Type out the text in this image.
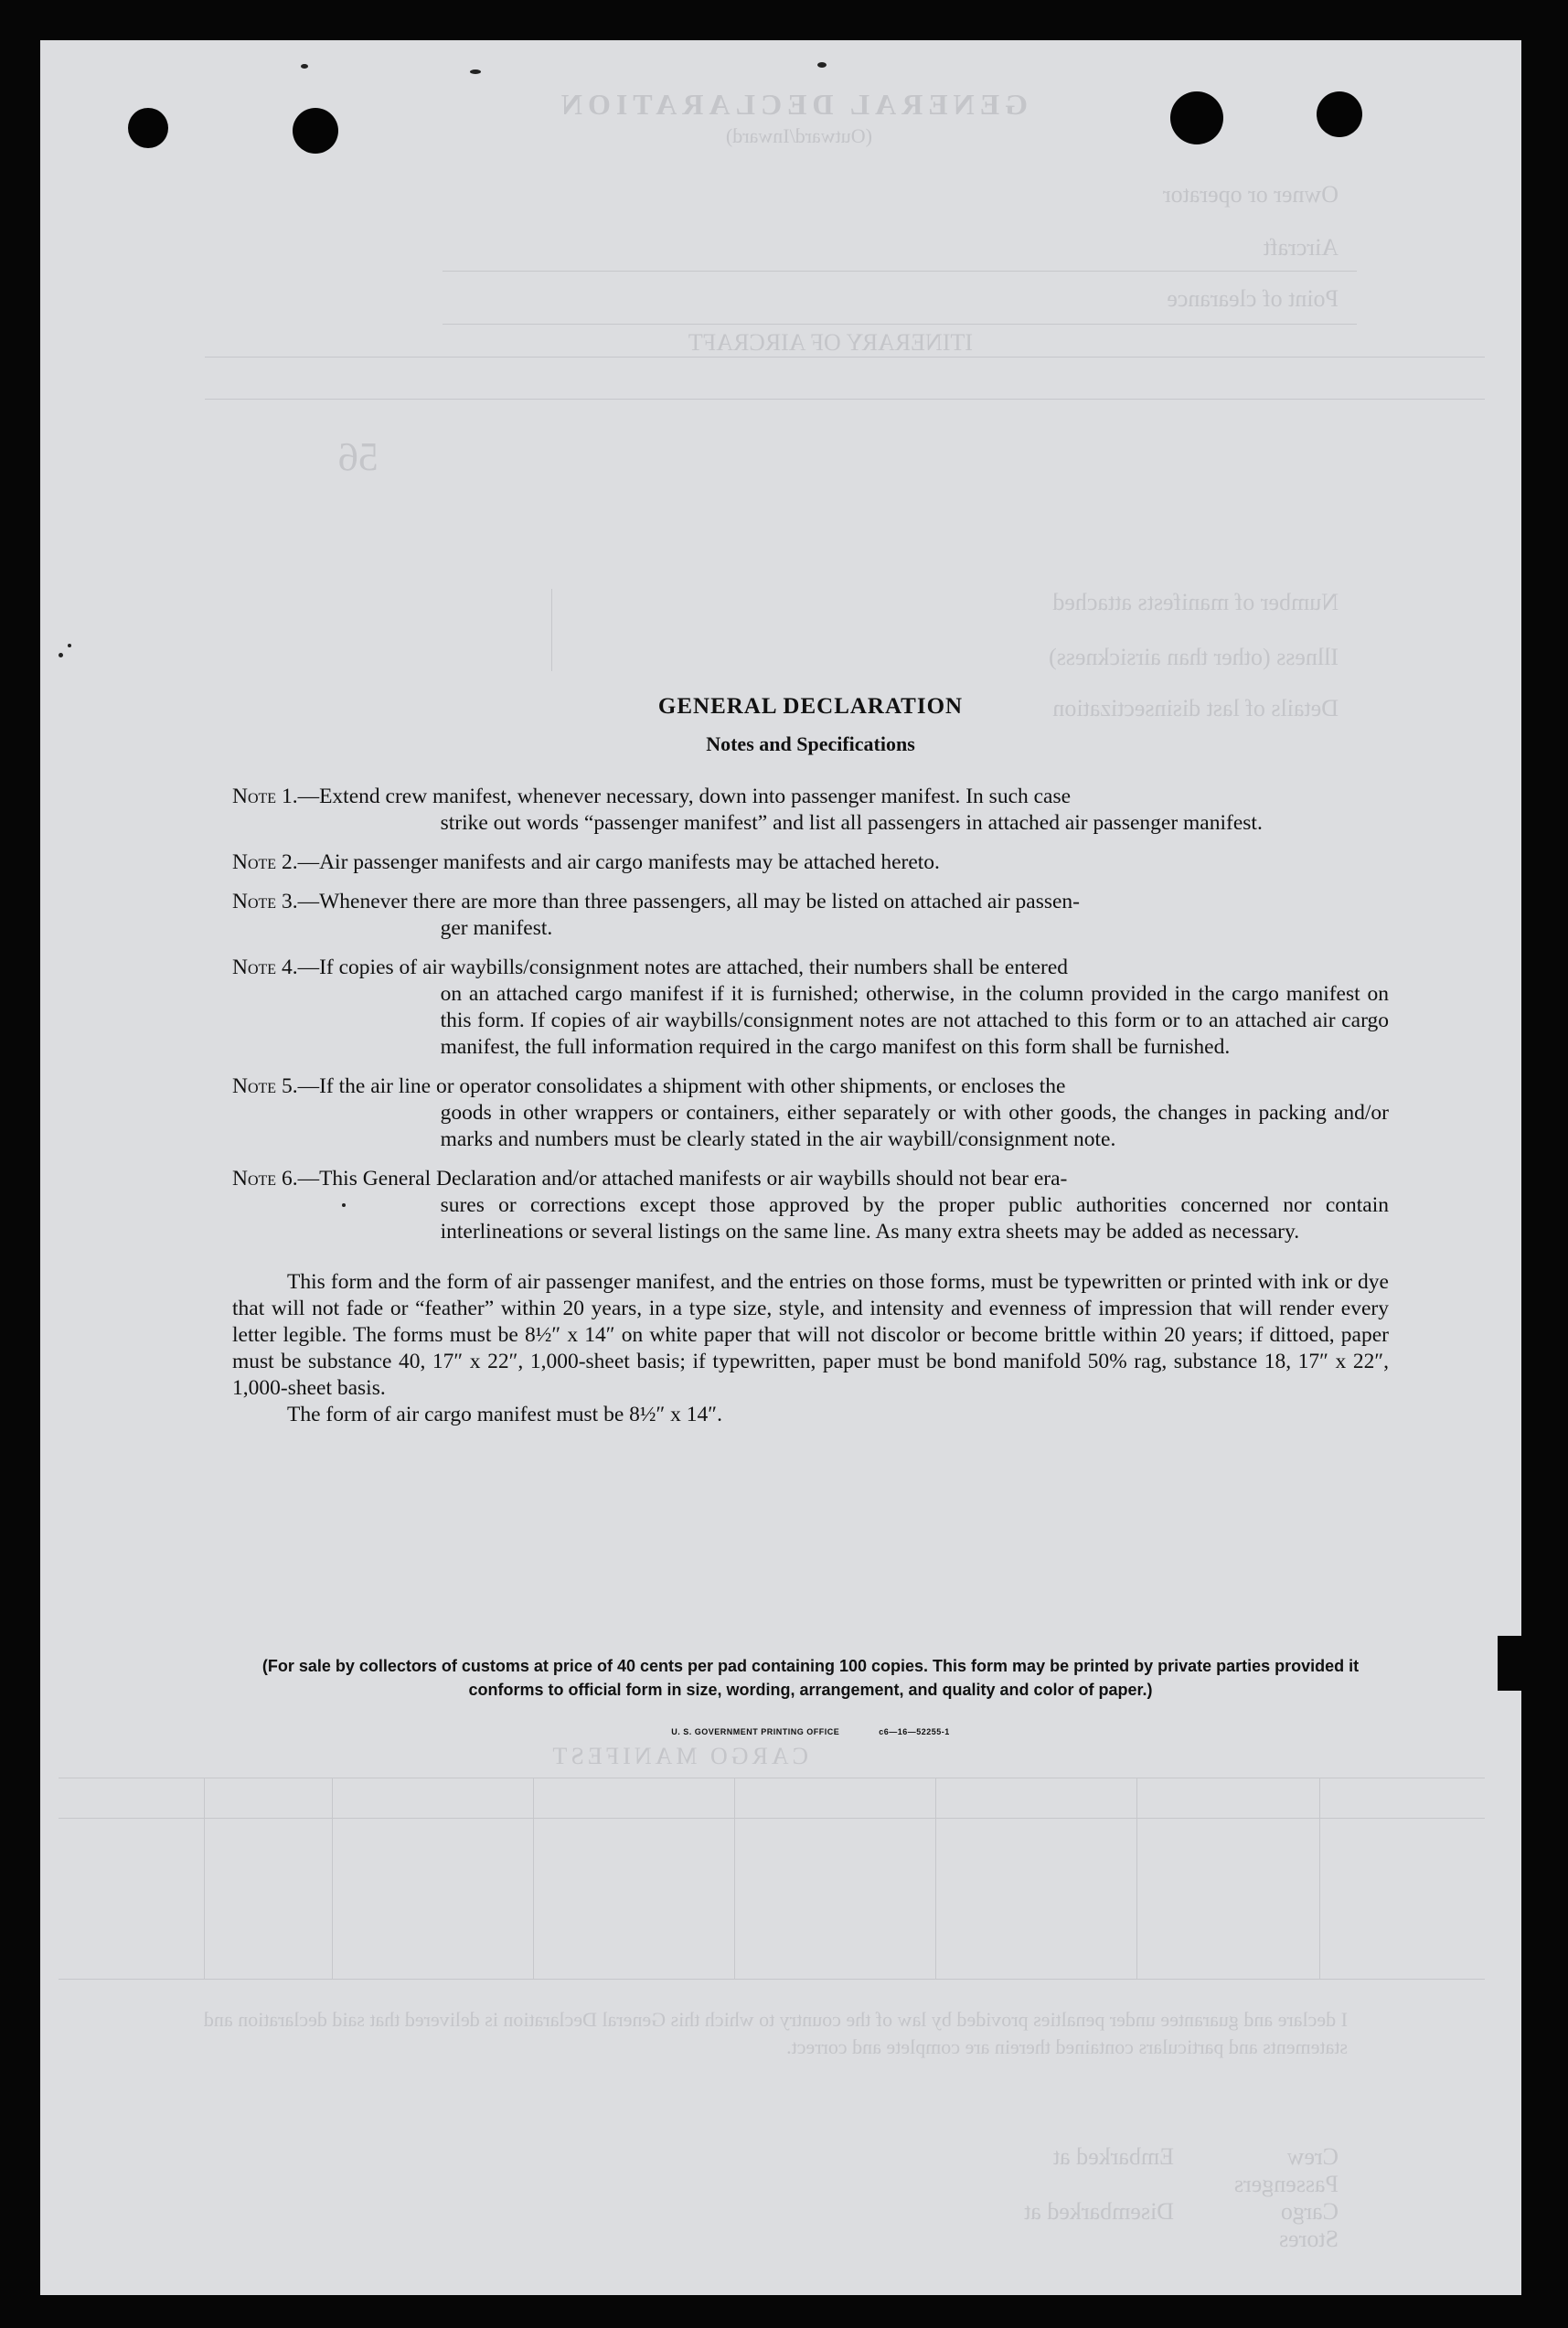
GENERAL DECLARATION
(Outward/Inward)
Owner or operator
Aircraft
Point of clearance
ITINERARY OF AIRCRAFT
56
Number of manifests attached
Illness (other than airsickness)
Details of last disinsectization
CARGO MANIFEST
I declare and guarantee under penalties provided by law of the country to which this General Declaration is delivered that said declaration and statements and particulars contained therein are complete and correct.
Crew
Passengers
Cargo
Stores
Embarked at
Disembarked at
GENERAL DECLARATION
Notes and Specifications
Note 1. —Extend crew manifest, whenever necessary, down into passenger manifest. In such case
strike out words “passenger manifest” and list all passengers in attached air passenger manifest.
Note 2. —Air passenger manifests and air cargo manifests may be attached hereto.
Note 3. —Whenever there are more than three passengers, all may be listed on attached air passen-
ger manifest.
Note 4. —If copies of air waybills/consignment notes are attached, their numbers shall be entered
on an attached cargo manifest if it is furnished; otherwise, in the column provided in the cargo manifest on this form. If copies of air waybills/consignment notes are not attached to this form or to an attached air cargo manifest, the full information required in the cargo manifest on this form shall be furnished.
Note 5. —If the air line or operator consolidates a shipment with other shipments, or encloses the
goods in other wrappers or containers, either separately or with other goods, the changes in packing and/or marks and numbers must be clearly stated in the air waybill/consignment note.
Note 6. —This General Declaration and/or attached manifests or air waybills should not bear era-
sures or corrections except those approved by the proper public authorities concerned nor contain interlineations or several listings on the same line. As many extra sheets may be added as necessary.
This form and the form of air passenger manifest, and the entries on those forms, must be typewritten or printed with ink or dye that will not fade or “feather” within 20 years, in a type size, style, and intensity and evenness of impression that will render every letter legible. The forms must be 8½″ x 14″ on white paper that will not discolor or become brittle within 20 years; if dittoed, paper must be substance 40, 17″ x 22″, 1,000-sheet basis; if typewritten, paper must be bond manifold 50% rag, substance 18, 17″ x 22″, 1,000-sheet basis.
The form of air cargo manifest must be 8½″ x 14″.
(For sale by collectors of customs at price of 40 cents per pad containing 100 copies. This form may be printed by private parties provided it conforms to official form in size, wording, arrangement, and quality and color of paper.)
U. S. GOVERNMENT PRINTING OFFICE	c6—16—52255-1
